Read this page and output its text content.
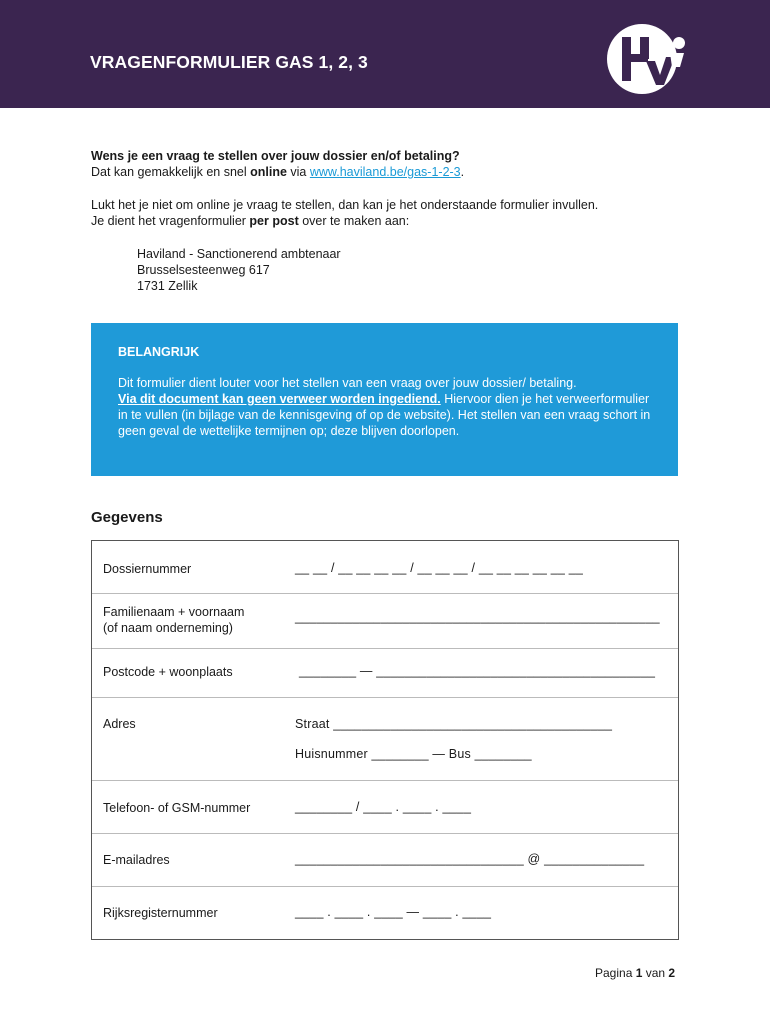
VRAGENFORMULIER GAS 1, 2, 3

Wens je een vraag te stellen over jouw dossier en/of betaling?

Dat kan gemakkelijk en snel online via www.haviland.be/gas-1-2-3.

Lukt het je niet om online je vraag te stellen, dan kan je het onderstaande formulier invullen.

Je dient het vragenformulier per post over te maken aan:

Haviland - Sanctionerend ambtenaar
Brusselsesteenweg 617
1731 Zellik
BELANGRIJK

Dit formulier dient louter voor het stellen van een vraag over jouw dossier/ betaling.
Via dit document kan geen verweer worden ingediend. Hiervoor dien je het verweerformulier in te vullen (in bijlage van de kennisgeving of op de website). Het stellen van een vraag schort in geen geval de wettelijke termijnen op; deze blijven doorlopen.

Gegevens
Dossiernummer	__ __ / __ __ __ __ / __ __ __ / __ __ __ __ __ __
Familienaam + voornaam
(of naam onderneming)
___________________________________________________
Postcode + woonplaats	________ — _______________________________________
Adres	Straat _______________________________________
Huisnummer ________ — Bus ________
Telefoon- of GSM-nummer	________ / ____ . ____ . ____
E-mailadres	________________________________ @ ______________
Rijksregisternummer	____ . ____ . ____ — ____ . ____
Pagina 1 van 2
